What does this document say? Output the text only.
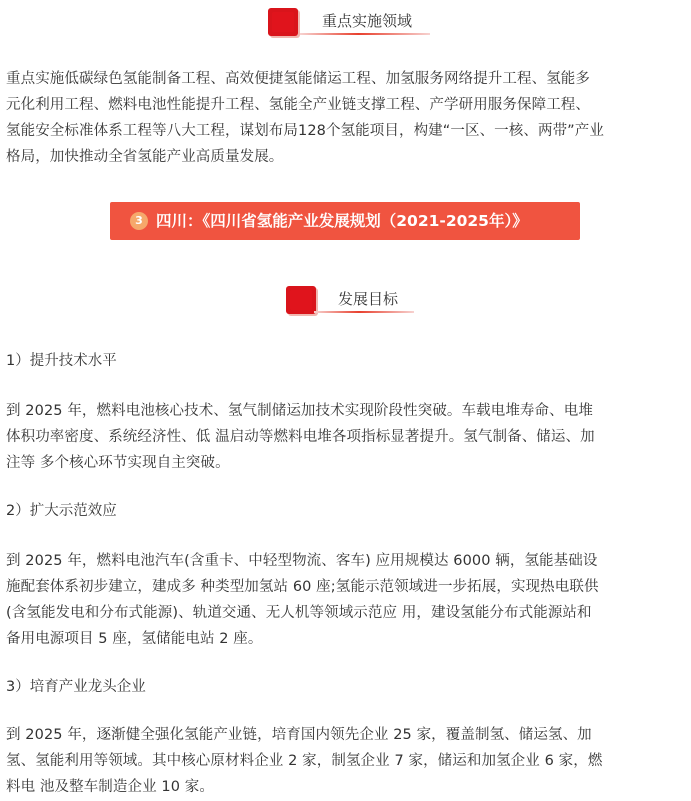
重点实施领域

重点实施低碳绿色氢能制备工程、高效便捷氢能储运工程、加氢服务网络提升工程、氢能多
元化利用工程、燃料电池性能提升工程、氢能全产业链支撑工程、产学研用服务保障工程、
氢能安全标准体系工程等八大工程，谋划布局128个氢能项目，构建“一区、一核、两带”产业
格局，加快推动全省氢能产业高质量发展。

3 四川：《四川省氢能产业发展规划（2021-2025年）》
发展目标
1）提升技术水平

到 2025 年，燃料电池核心技术、氢气制储运加技术实现阶段性突破。车载电堆寿命、电堆
体积功率密度、系统经济性、低 温启动等燃料电堆各项指标显著提升。氢气制备、储运、加
注等 多个核心环节实现自主突破。

2）扩大示范效应

到 2025 年，燃料电池汽车(含重卡、中轻型物流、客车) 应用规模达 6000 辆，氢能基础设
施配套体系初步建立，建成多 种类型加氢站 60 座;氢能示范领域进一步拓展，实现热电联供
(含氢能发电和分布式能源)、轨道交通、无人机等领域示范应 用，建设氢能分布式能源站和
备用电源项目 5 座，氢储能电站 2 座。

3）培育产业龙头企业

到 2025 年，逐渐健全强化氢能产业链，培育国内领先企业 25 家，覆盖制氢、储运氢、加
氢、氢能利用等领域。其中核心原材料企业 2 家，制氢企业 7 家，储运和加氢企业 6 家，燃
料电 池及整车制造企业 10 家。
